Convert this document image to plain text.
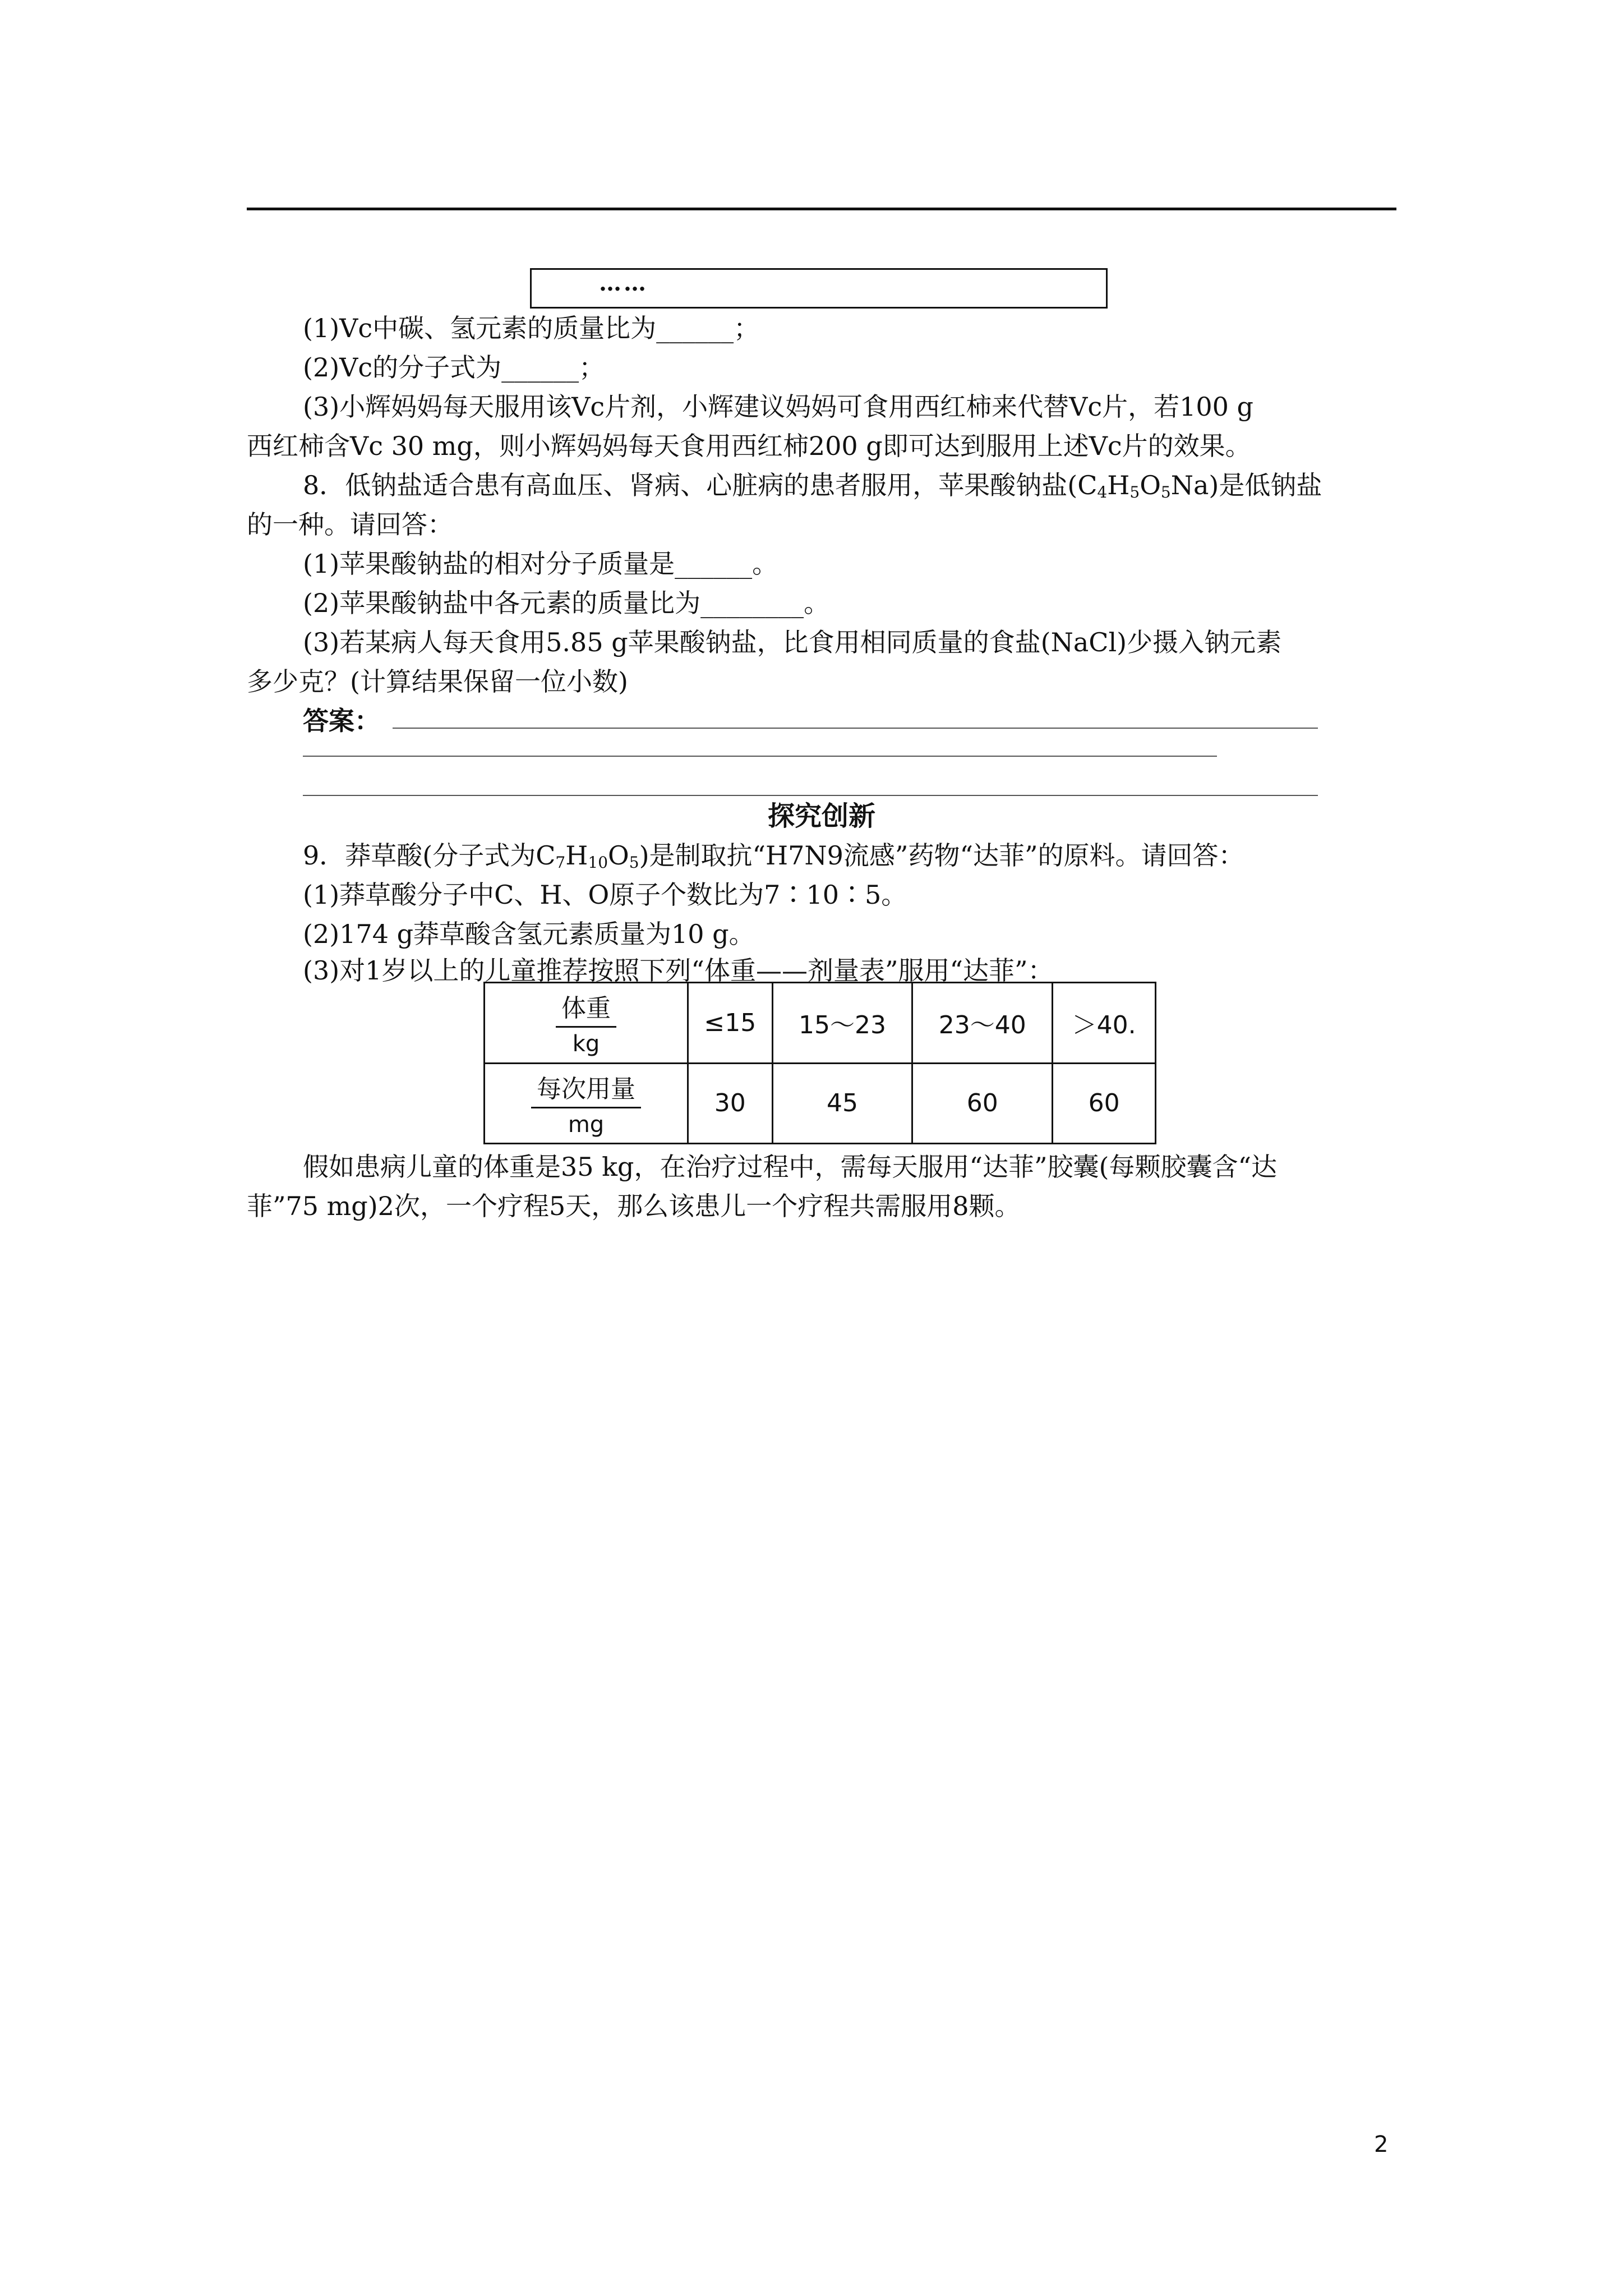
……
(1)Vc中碳、氢元素的质量比为______；
(2)Vc的分子式为______；
(3)小辉妈妈每天服用该Vc片剂，小辉建议妈妈可食用西红柿来代替Vc片，若100 g
西红柿含Vc 30 mg，则小辉妈妈每天食用西红柿200 g即可达到服用上述Vc片的效果。
8．低钠盐适合患有高血压、肾病、心脏病的患者服用，苹果酸钠盐$(C_4H_5O_5Na)$是低钠盐
的一种。请回答：
(1)苹果酸钠盐的相对分子质量是______。
(2)苹果酸钠盐中各元素的质量比为________。
(3)若某病人每天食用5.85 g苹果酸钠盐，比食用相同质量的食盐(NaCl)少摄入钠元素
多少克？(计算结果保留一位小数)
答案：
探究创新
9．莽草酸(分子式为$C_7H_{10}O_5$)是制取抗“H7N9流感”药物“达菲”的原料。请回答：
(1)莽草酸分子中C、H、O原子个数比为7∶10∶5。
(2)174 g莽草酸含氢元素质量为10 g。
(3)对1岁以上的儿童推荐按照下列“体重——剂量表”服用“达菲”：
$\frac{\text{体重}}{kg}$	≤15	15～23	23～40	＞40.

$\frac{\text{每次用量}}{mg}$	30	45	60	60
假如患病儿童的体重是35 kg，在治疗过程中，需每天服用“达菲”胶囊(每颗胶囊含“达
菲”75 mg)2次，一个疗程5天，那么该患儿一个疗程共需服用8颗。
2
